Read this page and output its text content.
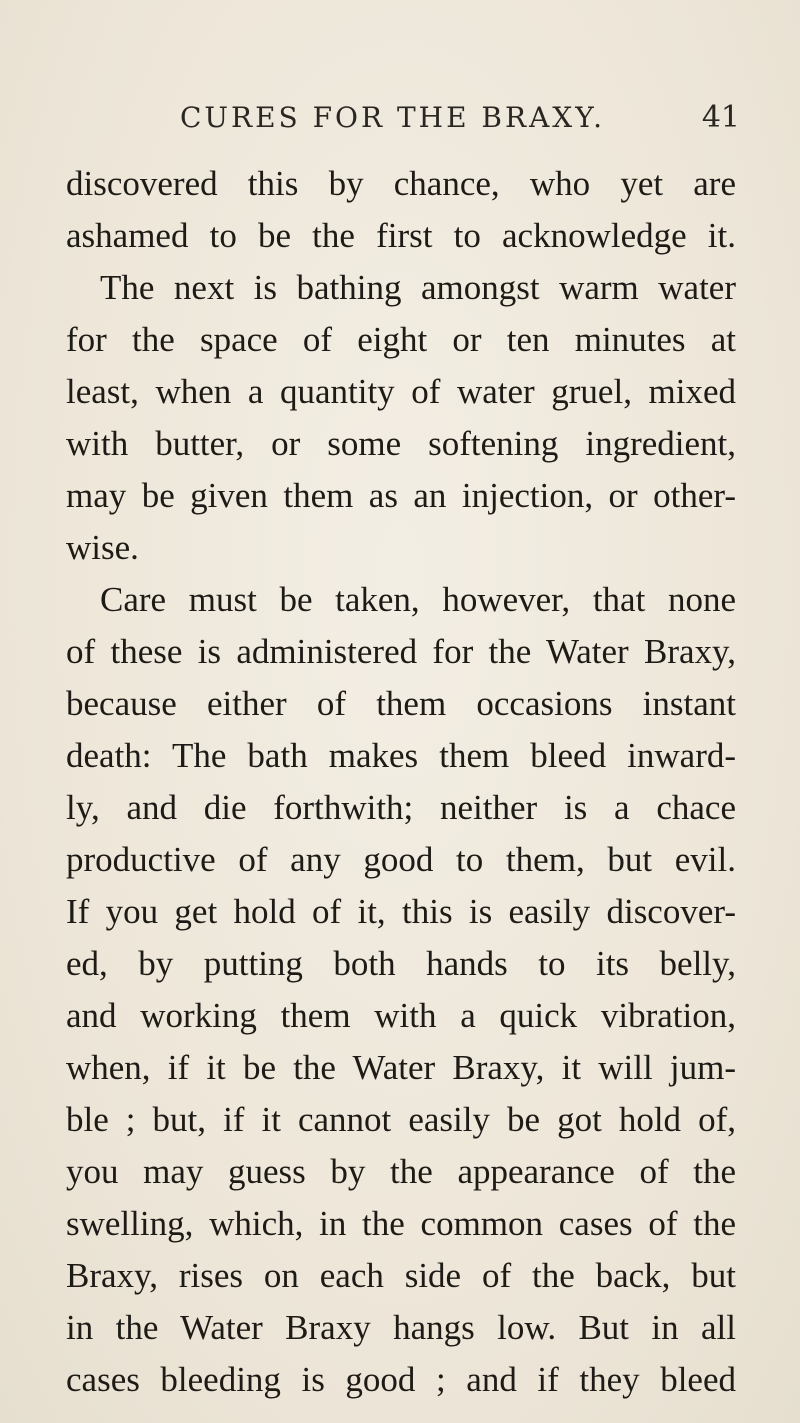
CURES FOR THE BRAXY.	41
discovered this by chance, who yet are
ashamed to be the first to acknowledge it.
The next is bathing amongst warm water
for the space of eight or ten minutes at
least, when a quantity of water gruel, mixed
with butter, or some softening ingredient,
may be given them as an injection, or other-
wise.
Care must be taken, however, that none
of these is administered for the Water Braxy,
because either of them occasions instant
death: The bath makes them bleed inward-
ly, and die forthwith; neither is a chace
productive of any good to them, but evil.
If you get hold of it, this is easily discover-
ed, by putting both hands to its belly,
and working them with a quick vibration,
when, if it be the Water Braxy, it will jum-
ble ; but, if it cannot easily be got hold of,
you may guess by the appearance of the
swelling, which, in the common cases of the
Braxy, rises on each side of the back, but
in the Water Braxy hangs low. But in all
cases bleeding is good ; and if they bleed
